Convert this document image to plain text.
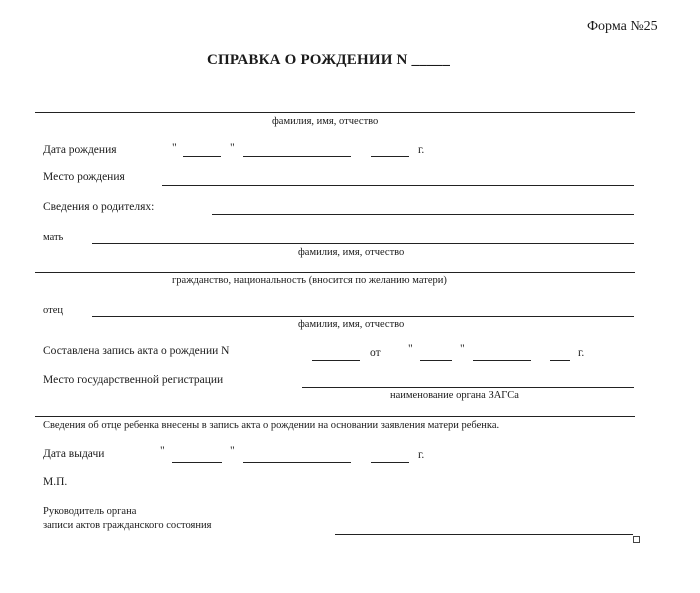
Форма №25
СПРАВКА О РОЖДЕНИИ N _____
фамилия, имя, отчество
Дата рождения	"	"	г.
Место рождения
Сведения о родителях:
мать
фамилия, имя, отчество
гражданство, национальность (вносится по желанию матери)
отец
фамилия, имя, отчество
Составлена запись акта о рождении N	от "	"	г.
Место государственной регистрации
наименование органа ЗАГСа
Сведения об отце ребенка внесены в запись акта о рождении на основании заявления матери ребенка.
Дата выдачи	"	"	г.
М.П.
Руководитель органа
записи актов гражданского состояния
